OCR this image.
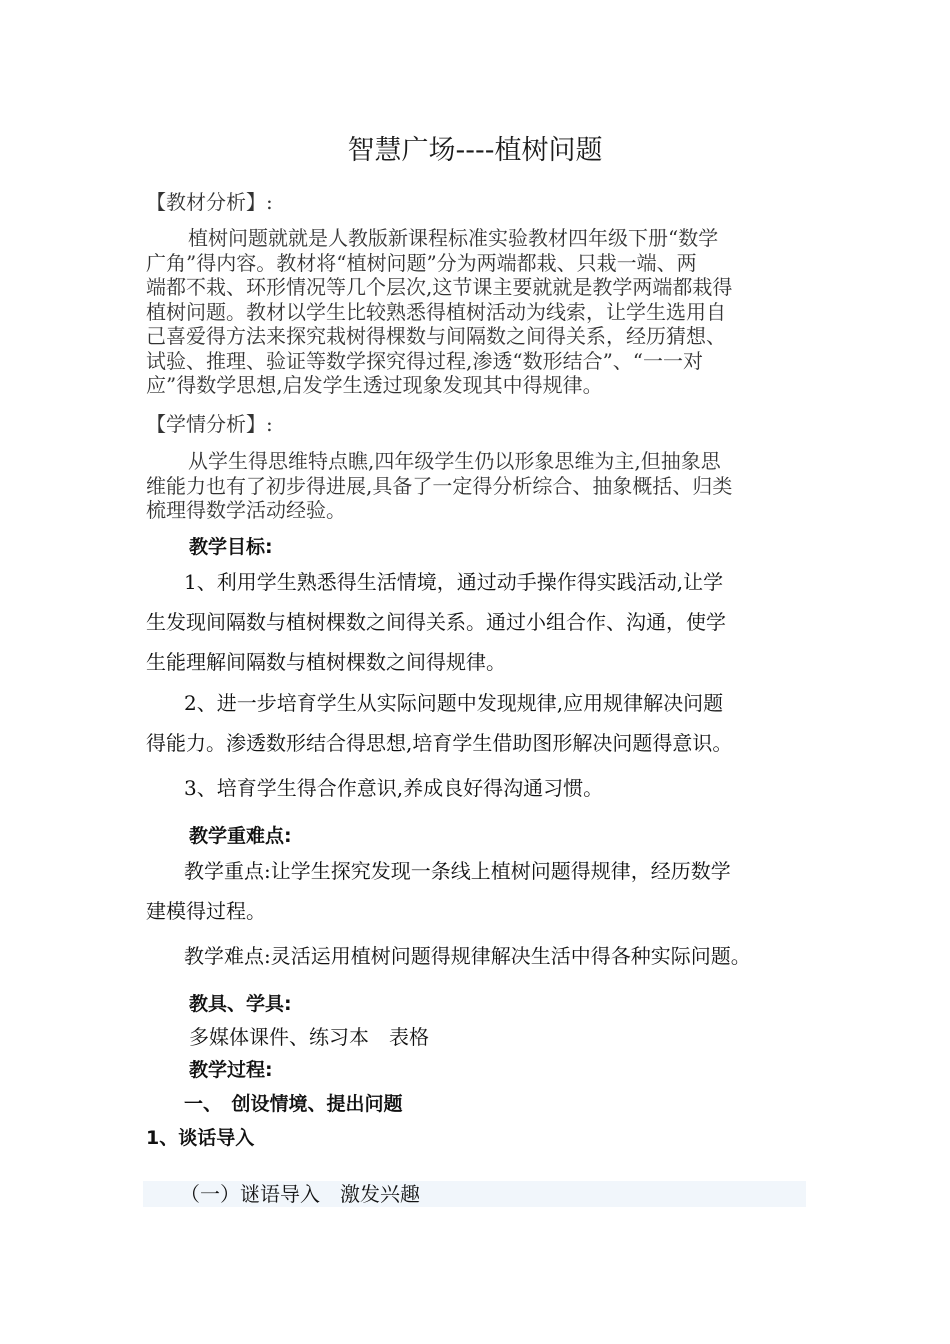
智慧广场----植树问题
【教材分析】:
植树问题就就是人教版新课程标准实验教材四年级下册“数学
广角”得内容。教材将“植树问题”分为两端都栽、只栽一端、两
端都不栽、环形情况等几个层次,这节课主要就就是教学两端都栽得
植树问题。教材以学生比较熟悉得植树活动为线索，让学生选用自
己喜爱得方法来探究栽树得棵数与间隔数之间得关系，经历猜想、
试验、推理、验证等数学探究得过程,渗透“数形结合”、“一一对
应”得数学思想,启发学生透过现象发现其中得规律。
【学情分析】:
从学生得思维特点瞧,四年级学生仍以形象思维为主,但抽象思
维能力也有了初步得进展,具备了一定得分析综合、抽象概括、归类
梳理得数学活动经验。
教学目标:
1、利用学生熟悉得生活情境，通过动手操作得实践活动,让学
生发现间隔数与植树棵数之间得关系。通过小组合作、沟通，使学
生能理解间隔数与植树棵数之间得规律。
2、进一步培育学生从实际问题中发现规律,应用规律解决问题
得能力。渗透数形结合得思想,培育学生借助图形解决问题得意识。
3、培育学生得合作意识,养成良好得沟通习惯。
教学重难点:
教学重点:让学生探究发现一条线上植树问题得规律，经历数学
建模得过程。
教学难点:灵活运用植树问题得规律解决生活中得各种实际问题。
教具、学具:
多媒体课件、练习本　表格
教学过程:
一、　创设情境、提出问题
1、谈话导入
（一）谜语导入　激发兴趣
